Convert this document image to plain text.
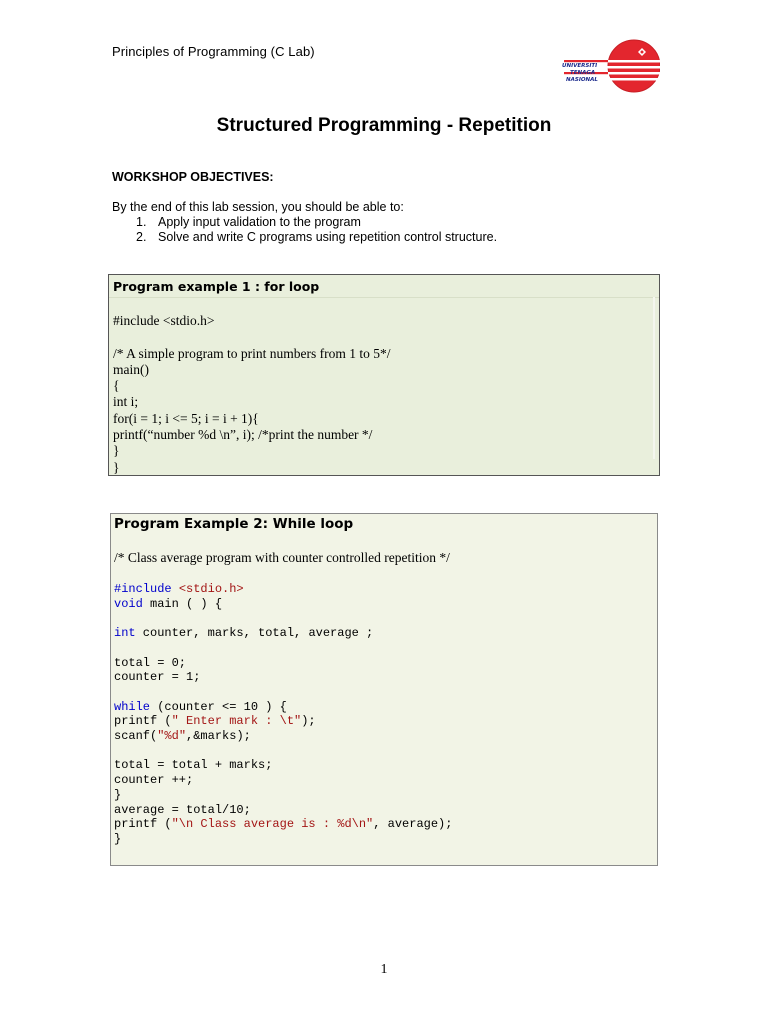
Principles of Programming (C Lab)
UNIVERSITI
TENAGA
NASIONAL
Structured Programming - Repetition
WORKSHOP OBJECTIVES:
By the end of this lab session, you should be able to:
1. Apply input validation to the program
2. Solve and write C programs using repetition control structure.
Program example 1 : for loop
#include <stdio.h>

/* A simple program to print numbers from 1 to 5*/
main()
{
int i;
for(i = 1; i <= 5; i = i + 1){
printf(“number %d \n”, i); /*print the number */
}
}
Program Example 2: While loop
/* Class average program with counter controlled repetition */
#include <stdio.h>
void main ( ) {

int counter, marks, total, average ;

total = 0;
counter = 1;

while (counter <= 10 ) {
printf (" Enter mark : \t");
scanf("%d",&marks);

total = total + marks;
counter ++;
}
average = total/10;
printf ("\n Class average is : %d\n", average);
}
1
